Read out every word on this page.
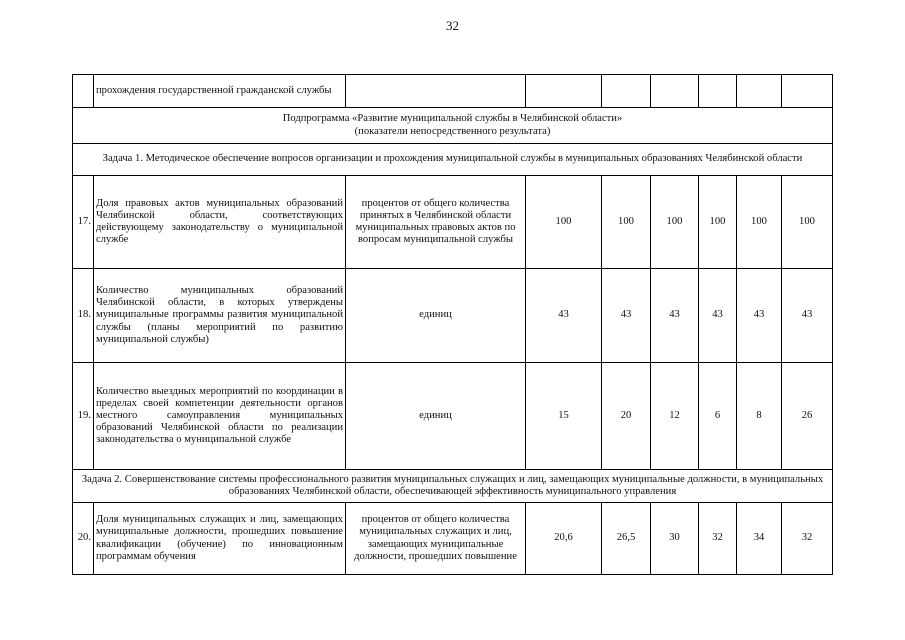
32
	прохождения государственной гражданской службы							

Подпрограмма «Развитие муниципальной службы в Челябинской области»
(показатели непосредственного результата)								

Задача 1. Методическое обеспечение вопросов организации и прохождения муниципальной службы в муниципальных образованиях Челябинской области								
17.	Доля правовых актов муниципальных образований Челябинской области, соответствующих действующему законодательству о муниципальной службе	процентов от общего количества принятых в Челябинской области муниципальных правовых актов по вопросам муниципальной службы	100	100	100	100	100	100
18.	Количество муниципальных образований Челябинской области, в которых утверждены муниципальные программы развития муниципальной службы (планы мероприятий по развитию муниципальной службы)	единиц	43	43	43	43	43	43
19.	Количество выездных мероприятий по координации в пределах своей компетенции деятельности органов местного самоуправления муниципальных образований Челябинской области по реализации законодательства о муниципальной службе	единиц	15	20	12	6	8	26
Задача 2. Совершенствование системы профессионального развития муниципальных служащих и лиц, замещающих муниципальные должности, в муниципальных образованиях Челябинской области, обеспечивающей эффективность муниципального управления								
20.	Доля муниципальных служащих и лиц, замещающих муниципальные должности, прошедших повышение квалификации (обучение) по инновационным программам обучения	процентов от общего количества муниципальных служащих и лиц, замещающих муниципальные должности, прошедших повышение	20,6	26,5	30	32	34	32
